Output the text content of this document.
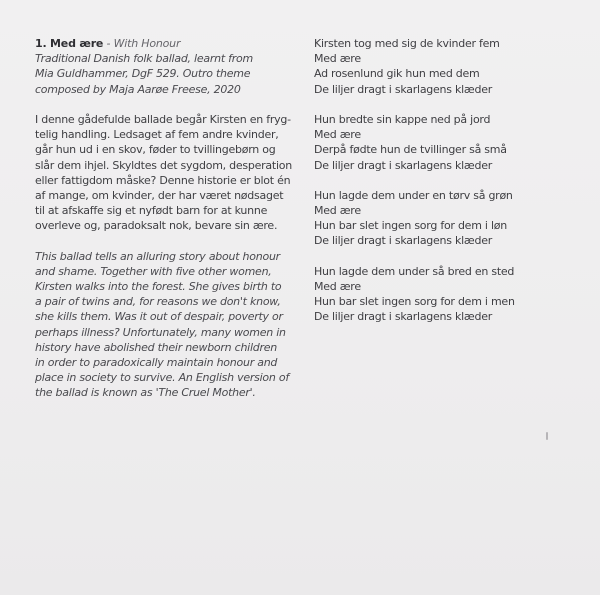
1. Med ære - With Honour
Traditional Danish folk ballad, learnt from
Mia Guldhammer, DgF 529. Outro theme
composed by Maja Aarøe Freese, 2020
I denne gådefulde ballade begår Kirsten en fryg-
telig handling. Ledsaget af fem andre kvinder,
går hun ud i en skov, føder to tvillingebørn og
slår dem ihjel. Skyldtes det sygdom, desperation
eller fattigdom måske? Denne historie er blot én
af mange, om kvinder, der har været nødsaget
til at afskaffe sig et nyfødt barn for at kunne
overleve og, paradoksalt nok, bevare sin ære.
This ballad tells an alluring story about honour
and shame. Together with five other women,
Kirsten walks into the forest. She gives birth to
a pair of twins and, for reasons we don't know,
she kills them. Was it out of despair, poverty or
perhaps illness? Unfortunately, many women in
history have abolished their newborn children
in order to paradoxically maintain honour and
place in society to survive. An English version of
the ballad is known as 'The Cruel Mother'.
Kirsten tog med sig de kvinder fem
Med ære
Ad rosenlund gik hun med dem
De liljer dragt i skarlagens klæder
Hun bredte sin kappe ned på jord
Med ære
Derpå fødte hun de tvillinger så små
De liljer dragt i skarlagens klæder
Hun lagde dem under en tørv så grøn
Med ære
Hun bar slet ingen sorg for dem i løn
De liljer dragt i skarlagens klæder
Hun lagde dem under så bred en sted
Med ære
Hun bar slet ingen sorg for dem i men
De liljer dragt i skarlagens klæder
